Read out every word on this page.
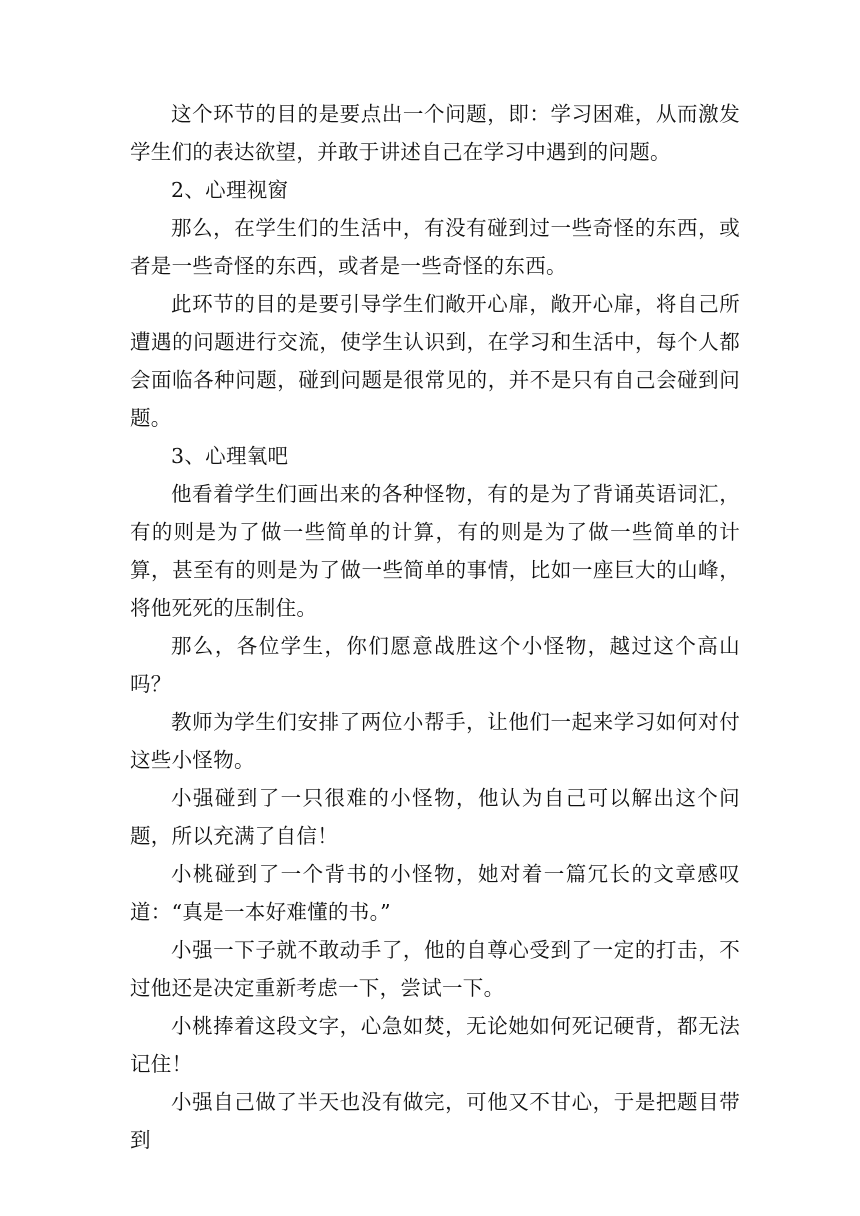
这个环节的目的是要点出一个问题，即：学习困难，从而激发学生们的表达欲望，并敢于讲述自己在学习中遇到的问题。

2、心理视窗

那么，在学生们的生活中，有没有碰到过一些奇怪的东西，或者是一些奇怪的东西，或者是一些奇怪的东西。

此环节的目的是要引导学生们敞开心扉，敞开心扉，将自己所遭遇的问题进行交流，使学生认识到，在学习和生活中，每个人都会面临各种问题，碰到问题是很常见的，并不是只有自己会碰到问题。

3、心理氧吧

他看着学生们画出来的各种怪物，有的是为了背诵英语词汇，有的则是为了做一些简单的计算，有的则是为了做一些简单的计算，甚至有的则是为了做一些简单的事情，比如一座巨大的山峰，将他死死的压制住。

那么，各位学生，你们愿意战胜这个小怪物，越过这个高山吗？

教师为学生们安排了两位小帮手，让他们一起来学习如何对付这些小怪物。

小强碰到了一只很难的小怪物，他认为自己可以解出这个问题，所以充满了自信！

小桃碰到了一个背书的小怪物，她对着一篇冗长的文章感叹道：“真是一本好难懂的书。”

小强一下子就不敢动手了，他的自尊心受到了一定的打击，不过他还是决定重新考虑一下，尝试一下。

小桃捧着这段文字，心急如焚，无论她如何死记硬背，都无法记住！

小强自己做了半天也没有做完，可他又不甘心，于是把题目带到
